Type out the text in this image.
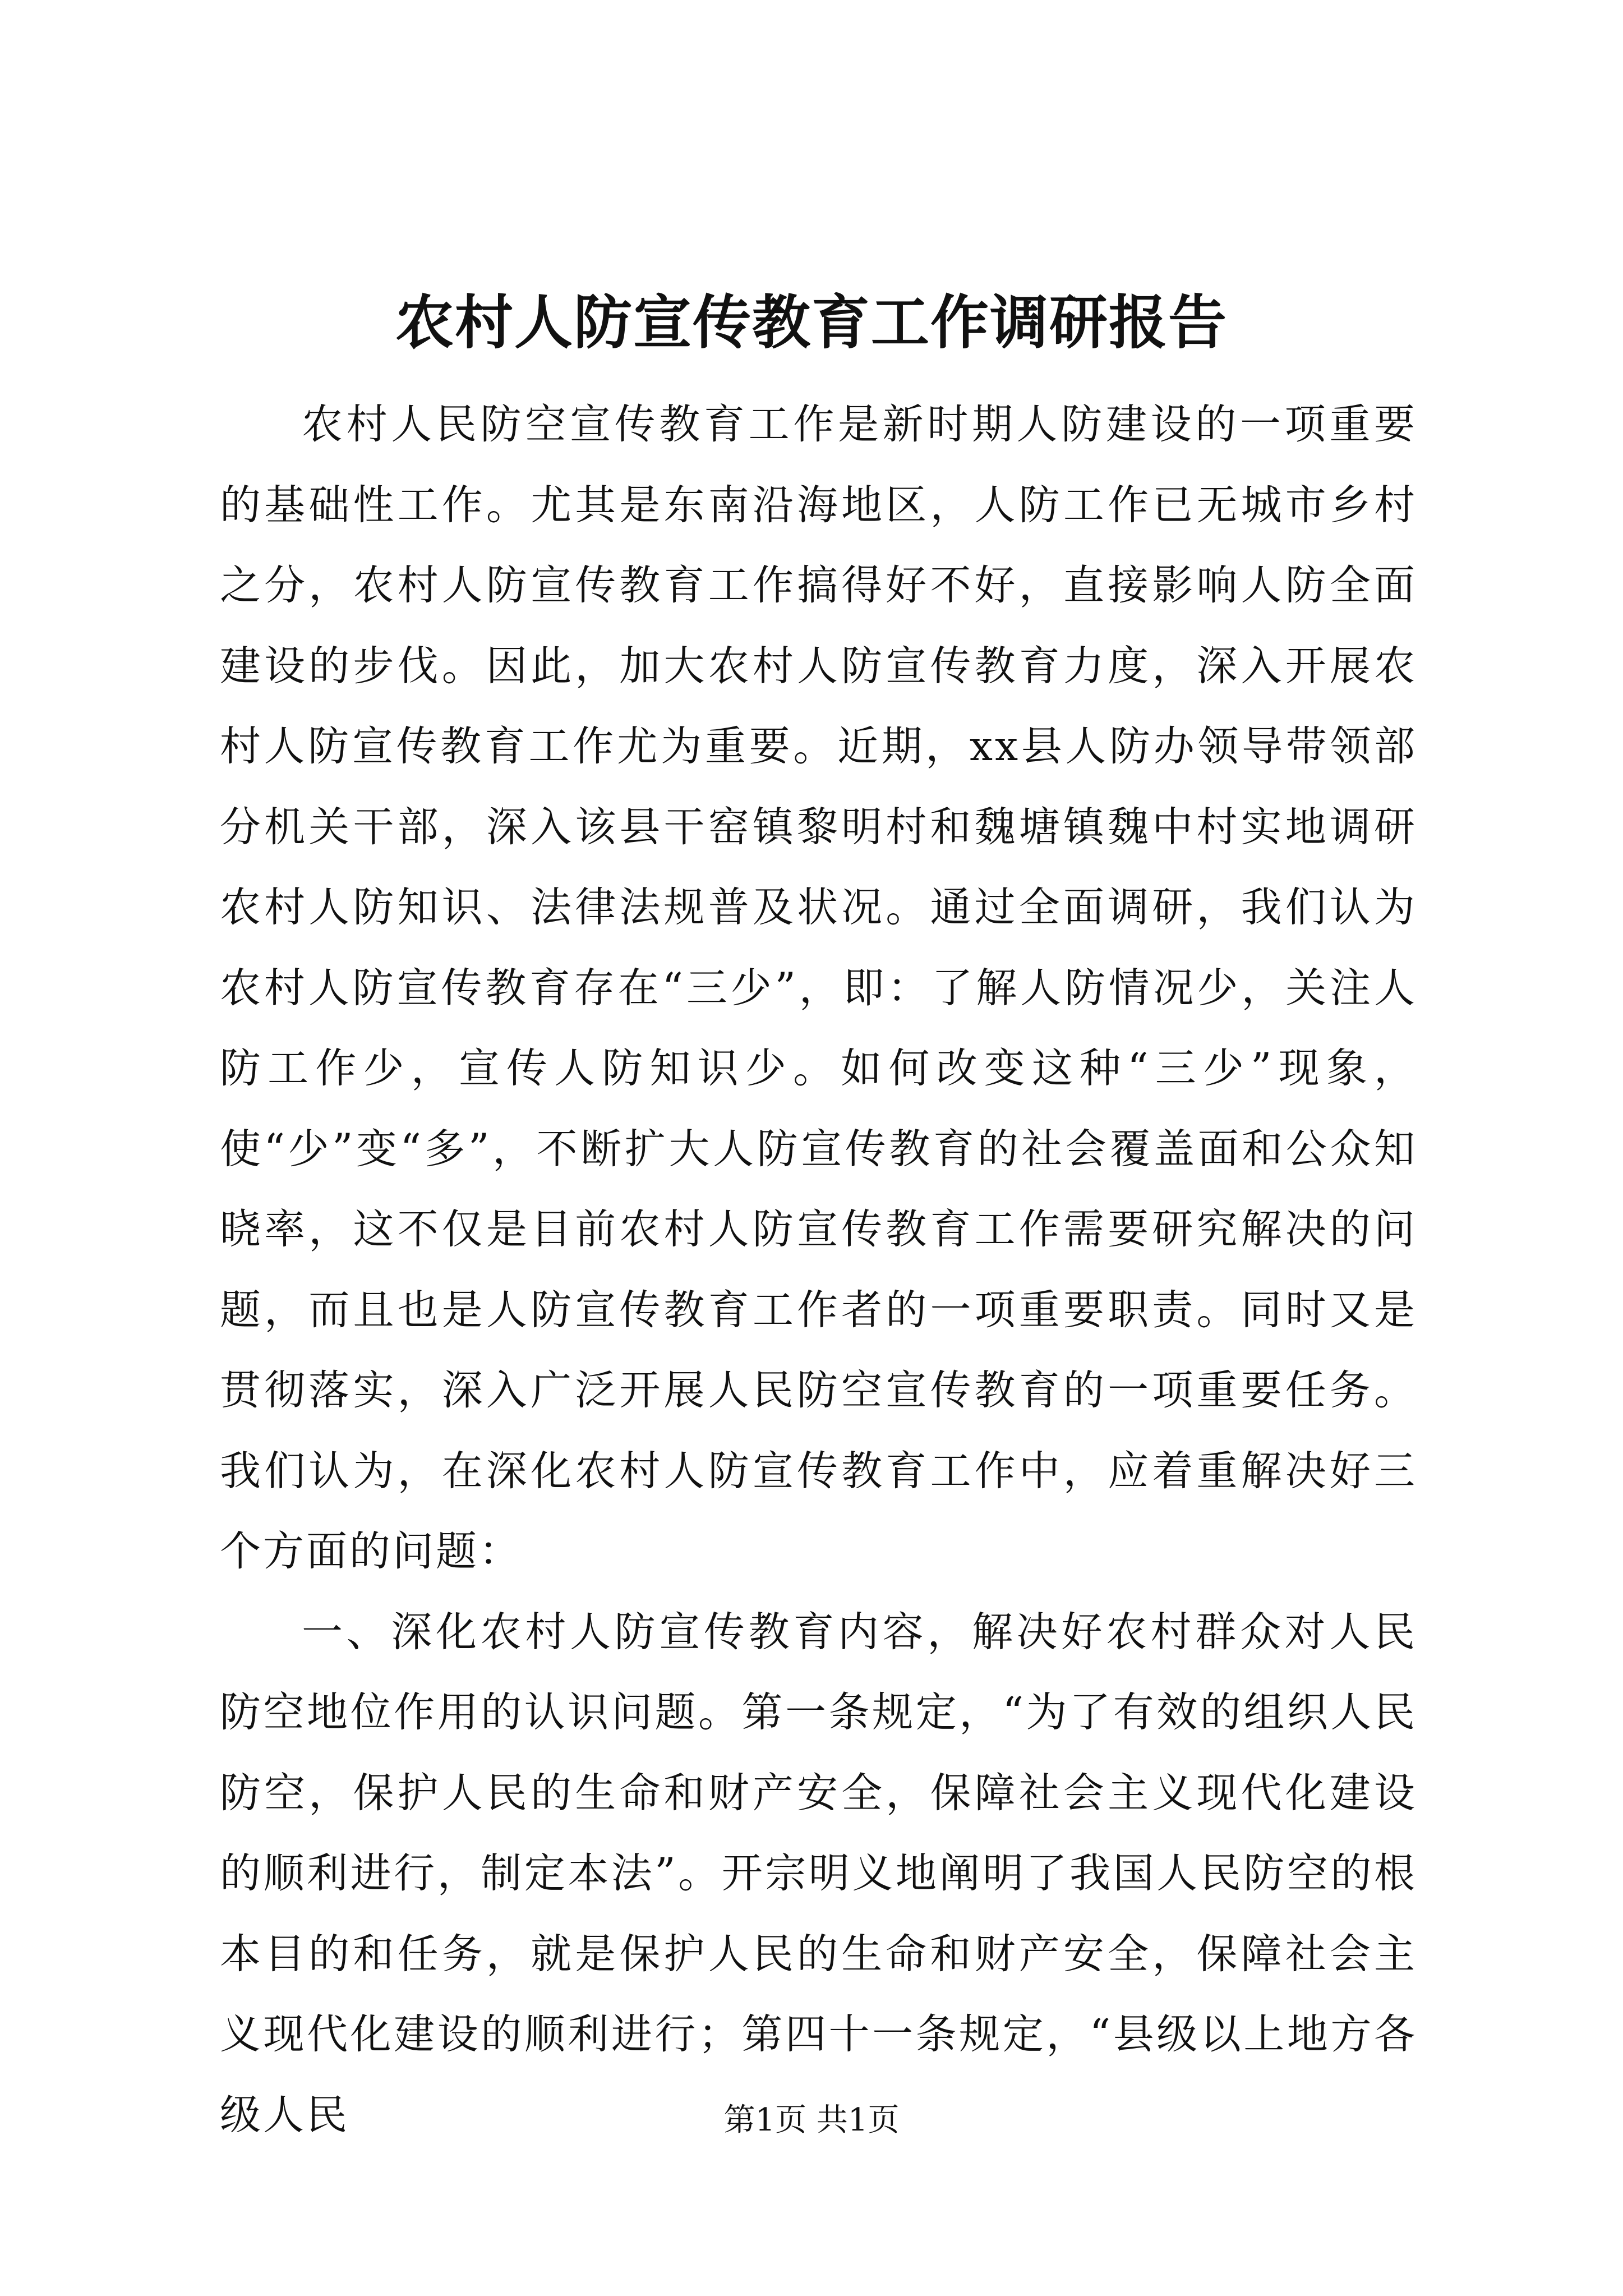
农村人防宣传教育工作调研报告

农村人民防空宣传教育工作是新时期人防建设的一项重要的基础性工作。尤其是东南沿海地区，人防工作已无城市乡村之分，农村人防宣传教育工作搞得好不好，直接影响人防全面建设的步伐。因此，加大农村人防宣传教育力度，深入开展农村人防宣传教育工作尤为重要。近期，xx县人防办领导带领部分机关干部，深入该县干窑镇黎明村和魏塘镇魏中村实地调研农村人防知识、法律法规普及状况。通过全面调研，我们认为农村人防宣传教育存在“三少”，即：了解人防情况少，关注人防工作少，宣传人防知识少。如何改变这种“三少”现象，使“少”变“多”，不断扩大人防宣传教育的社会覆盖面和公众知晓率，这不仅是目前农村人防宣传教育工作需要研究解决的问题，而且也是人防宣传教育工作者的一项重要职责。同时又是贯彻落实，深入广泛开展人民防空宣传教育的一项重要任务。我们认为，在深化农村人防宣传教育工作中，应着重解决好三个方面的问题：

一、深化农村人防宣传教育内容，解决好农村群众对人民防空地位作用的认识问题。第一条规定，“为了有效的组织人民防空，保护人民的生命和财产安全，保障社会主义现代化建设的顺利进行，制定本法”。开宗明义地阐明了我国人民防空的根本目的和任务，就是保护人民的生命和财产安全，保障社会主义现代化建设的顺利进行；第四十一条规定，“县级以上地方各级人民	第1页 共1页
